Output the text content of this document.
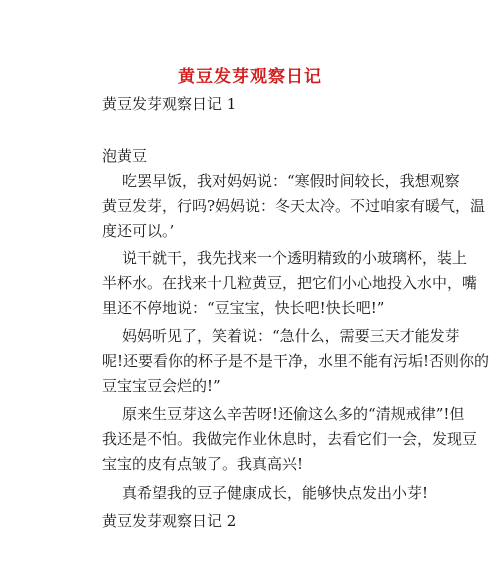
黄豆发芽观察日记
黄豆发芽观察日记 1
泡黄豆
吃罢早饭，我对妈妈说：“寒假时间较长，我想观察
黄豆发芽，行吗?妈妈说：冬天太冷。不过咱家有暖气，温
度还可以。’
说干就干，我先找来一个透明精致的小玻璃杯，装上
半杯水。在找来十几粒黄豆，把它们小心地投入水中，嘴
里还不停地说：“豆宝宝，快长吧!快长吧!”
妈妈听见了，笑着说：“急什么，需要三天才能发芽
呢!还要看你的杯子是不是干净，水里不能有污垢!否则你的
豆宝宝豆会烂的!”
原来生豆芽这么辛苦呀!还偷这么多的“清规戒律”!但
我还是不怕。我做完作业休息时，去看它们一会，发现豆
宝宝的皮有点皱了。我真高兴!
真希望我的豆子健康成长，能够快点发出小芽!
黄豆发芽观察日记 2
